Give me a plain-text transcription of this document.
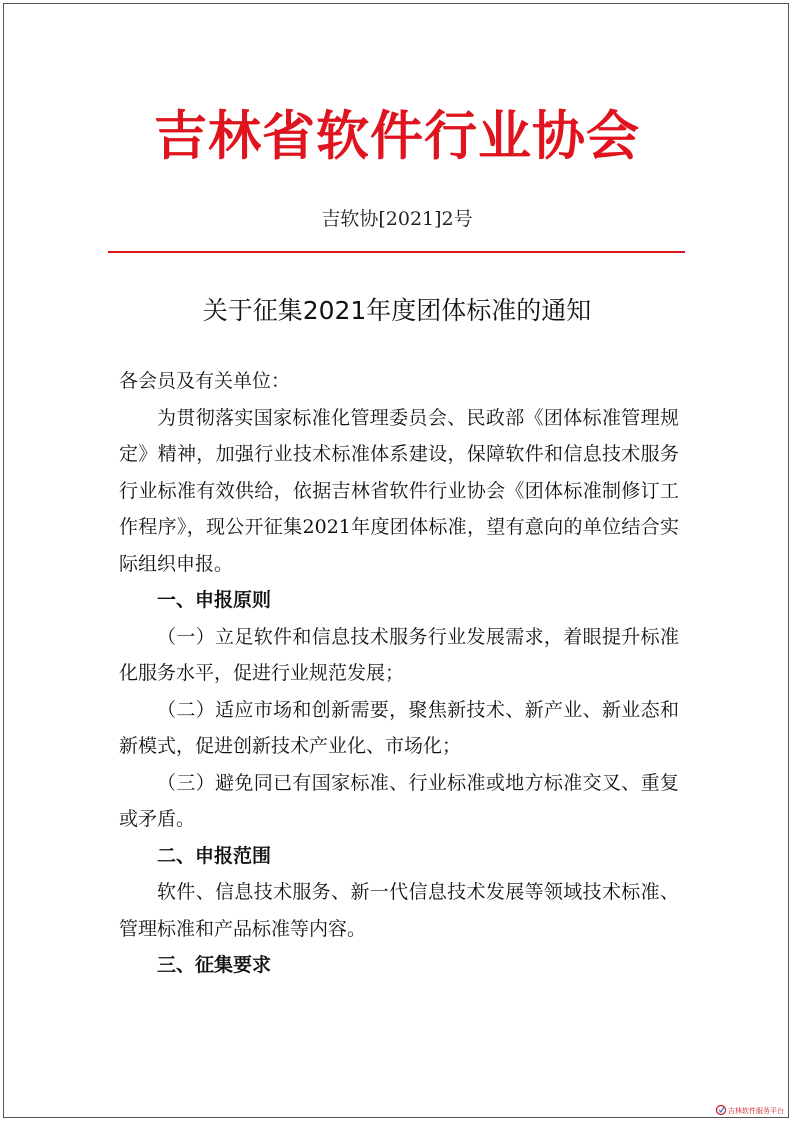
吉林省软件行业协会
吉软协[2021]2号
关于征集2021年度团体标准的通知

各会员及有关单位：

为贯彻落实国家标准化管理委员会、民政部《团体标准管理规定》精神，加强行业技术标准体系建设，保障软件和信息技术服务行业标准有效供给，依据吉林省软件行业协会《团体标准制修订工作程序》，现公开征集2021年度团体标准，望有意向的单位结合实际组织申报。

一、申报原则

（一）立足软件和信息技术服务行业发展需求，着眼提升标准化服务水平，促进行业规范发展；

（二）适应市场和创新需要，聚焦新技术、新产业、新业态和新模式，促进创新技术产业化、市场化；

（三）避免同已有国家标准、行业标准或地方标准交叉、重复或矛盾。

二、申报范围

软件、信息技术服务、新一代信息技术发展等领域技术标准、管理标准和产品标准等内容。

三、征集要求

吉林软件服务平台
